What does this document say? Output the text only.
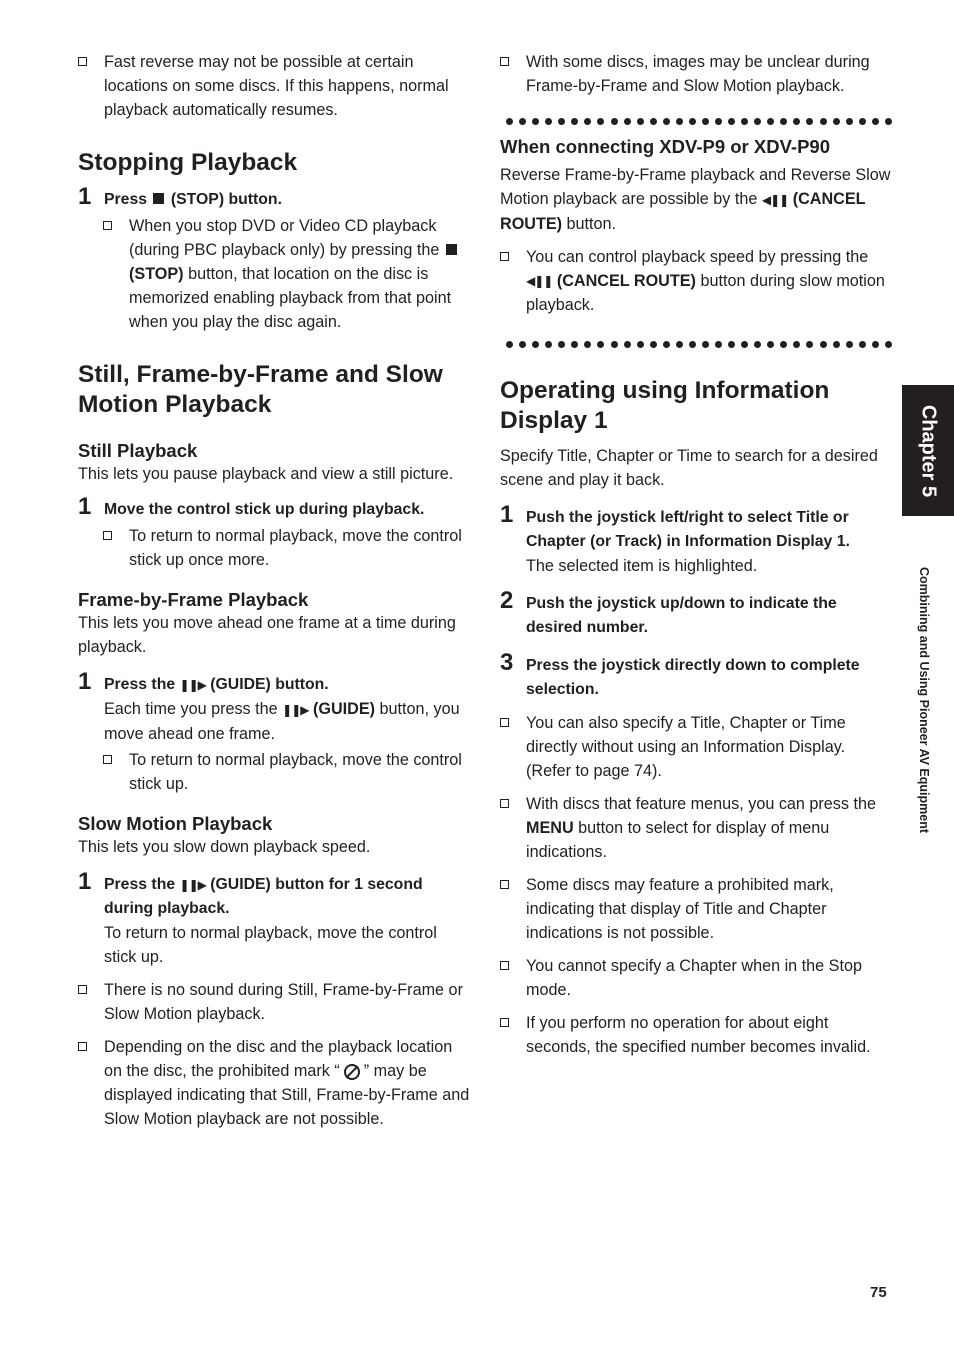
Fast reverse may not be possible at certain locations on some discs. If this happens, normal playback automatically resumes.
Stopping Playback
1 Press (STOP) button.
When you stop DVD or Video CD playback (during PBC playback only) by pressing the  (STOP) button, that location on the disc is memorized enabling playback from that point when you play the disc again.
Still, Frame-by-Frame and Slow Motion Playback
Still Playback

This lets you pause playback and view a still picture.

1 Move the control stick up during playback.
To return to normal playback, move the control stick up once more.
Frame-by-Frame Playback

This lets you move ahead one frame at a time during playback.

1 Press the ❚❚▶ (GUIDE) button.
Each time you press the ❚❚▶ (GUIDE) button, you move ahead one frame.
To return to normal playback, move the control stick up.
Slow Motion Playback

This lets you slow down playback speed.

1 Press the ❚❚▶ (GUIDE) button for 1 second during playback.
To return to normal playback, move the control stick up.
There is no sound during Still, Frame-by-Frame or Slow Motion playback.
Depending on the disc and the playback location on the disc, the prohibited mark “ ” may be displayed indicating that Still, Frame-by-Frame and Slow Motion playback are not possible.
With some discs, images may be unclear during Frame-by-Frame and Slow Motion playback.
When connecting XDV-P9 or XDV-P90

Reverse Frame-by-Frame playback and Reverse Slow Motion playback are possible by the ◀❚❚ (CANCEL ROUTE) button.

You can control playback speed by pressing the ◀❚❚ (CANCEL ROUTE) button during slow motion playback.
Operating using Information Display 1

Specify Title, Chapter or Time to search for a desired scene and play it back.

1 Push the joystick left/right to select Title or Chapter (or Track) in Information Display 1.
The selected item is highlighted.
2 Push the joystick up/down to indicate the desired number.
3 Press the joystick directly down to complete selection.
You can also specify a Title, Chapter or Time directly without using an Information Display. (Refer to page 74).
With discs that feature menus, you can press the MENU button to select for display of menu indications.
Some discs may feature a prohibited mark, indicating that display of Title and Chapter indications is not possible.
You cannot specify a Chapter when in the Stop mode.
If you perform no operation for about eight seconds, the specified number becomes invalid.
Chapter 5
Combining and Using Pioneer AV Equipment
75
